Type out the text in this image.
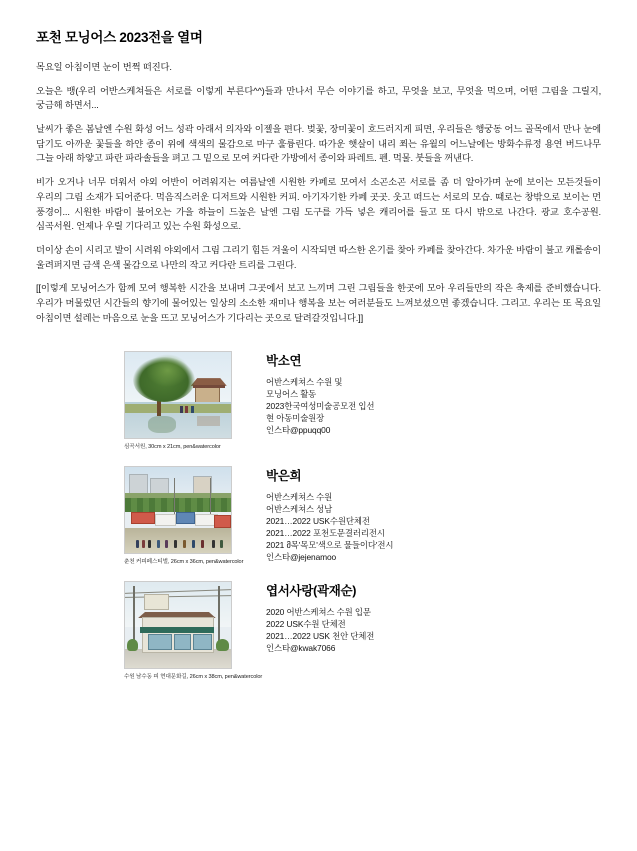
포천 모닝어스 2023전을 열며

목요일 아침이면 눈이 번쩍 떠진다.

오늘은 뱅(우리 어반스케쳐들은 서로를 이렇게 부른다^^)들과 만나서 무슨 이야기를 하고, 무엇을 보고, 무엇을 먹으며, 어떤 그림을 그릴지, 궁금해 하면서...

날씨가 좋은 봄날엔 수원 화성 어느 성곽 아래서 의자와 이젤을 편다. 벚꽃, 장미꽃이 흐드러지게 피면, 우리들은 행궁동 어느 골목에서 만나 눈에 담기도 아까운 꽃들을 하얀 종이 위에 색색의 물감으로 마구 훌륭린다. 따가운 햇살이 내리 쬐는 유월의 어느날에는 방화수류정 용연 버드나무 그늘 아래 하얗고 파란 파라솔들을 펴고 그 밑으로 모여 커다란 가방에서 종이와 파레트. 펜. 먹물. 붓들을 꺼낸다.

비가 오거나 너무 더워서 야외 어반이 어려워지는 여름날엔 시원한 카페로 모여서 소곤소곤 서로를 좀 더 알아가며 눈에 보이는 모든것들이 우리의 그림 소재가 되어준다. 먹음직스러운 디저트와 시원한 커피. 아기자기한 카페 곳곳. 웃고 떠드는 서로의 모습. 때로는 창밖으로 보이는 먼 풍경이... 시원한 바람이 불어오는 가을 하늘이 드높은 날엔 그림 도구를 가득 넣은 캐리어를 들고 또 다시 밖으로 나간다. 광교 호수공원. 심곡서원. 언제나 우릴 기다리고 있는 수원 화성으로.

더이상 손이 시리고 발이 시려워 야외에서 그림 그리기 힘든 겨울이 시작되면 따스한 온기를 찾아 카페를 찾아간다. 차가운 바람이 불고 캐롤송이 울려퍼지면 금색 은색 물감으로 나만의 작고 커다란 트리를 그린다.

[[이렇게 모닝어스가 함께 모여 행복한 시간을 보내며 그곳에서 보고 느끼며 그린 그림들을 한곳에 모아 우리들만의 작은 축제를 준비했습니다. 우리가 머물렀던 시간들의 향기에 물어있는 일상의 소소한 재미나 행복을 보는 여러분들도 느껴보셨으면 좋겠습니다. 그리고. 우리는 또 목요일 아침이면 설레는 마음으로 눈을 뜨고 모닝어스가 기다리는 곳으로 달려갈것입니다.]]

심곡서원, 30cm x 21cm, pen&watercolor
박소연
어반스케쳐스 수원 및
모닝어스 활동
2023한국여성미술공모전 입선
현 아동미술원장
인스타@ppuqq00
춘천 커피페스티벌, 26cm x 36cm, pen&watercolor
박은희
어반스케쳐스 수원
어반스케쳐스 성남
2021…2022 USK수원단체전
2021…2022 포천도문결러리전시
2021 მ목'목모'색으로 물들이다'전시
인스타@jejenamoo
수원 남수동 피 현대문화길, 26cm x 38cm, pen&watercolor
엽서사랑(곽재순)
2020 어반스케쳐스 수원 입문
2022 USK수원 단체전
2021…2022 USK 천안 단체전
인스타@kwak7066
